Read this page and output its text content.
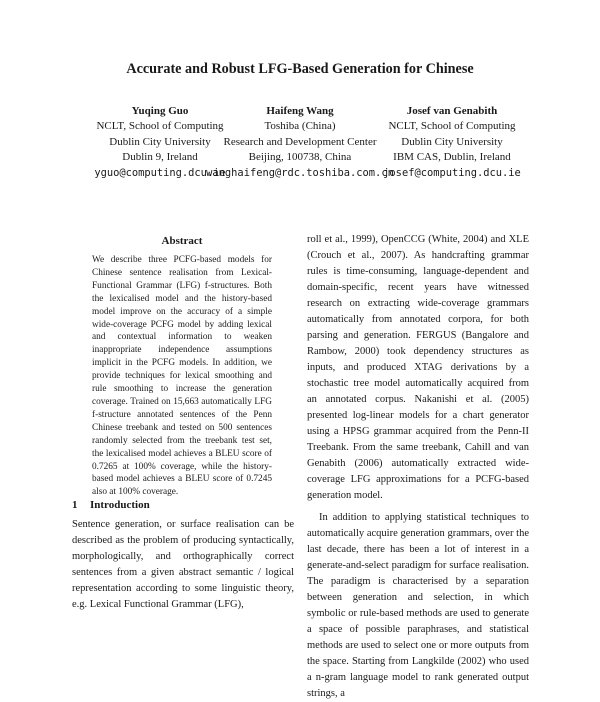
Accurate and Robust LFG-Based Generation for Chinese
Yuqing Guo
NCLT, School of Computing
Dublin City University
Dublin 9, Ireland
yguo@computing.dcu.ie
Haifeng Wang
Toshiba (China)
Research and Development Center
Beijing, 100738, China
wanghaifeng@rdc.toshiba.com.cn
Josef van Genabith
NCLT, School of Computing
Dublin City University
IBM CAS, Dublin, Ireland
josef@computing.dcu.ie
Abstract

We describe three PCFG-based models for Chinese sentence realisation from Lexical-Functional Grammar (LFG) f-structures. Both the lexicalised model and the history-based model improve on the accuracy of a simple wide-coverage PCFG model by adding lexical and contextual information to weaken inappropriate independence assumptions implicit in the PCFG models. In addition, we provide techniques for lexical smoothing and rule smoothing to increase the generation coverage. Trained on 15,663 automatically LFG f-structure annotated sentences of the Penn Chinese treebank and tested on 500 sentences randomly selected from the treebank test set, the lexicalised model achieves a BLEU score of 0.7265 at 100% coverage, while the history-based model achieves a BLEU score of 0.7245 also at 100% coverage.

1 Introduction

Sentence generation, or surface realisation can be described as the problem of producing syntactically, morphologically, and orthographically correct sentences from a given abstract semantic / logical representation according to some linguistic theory, e.g. Lexical Functional Grammar (LFG),

roll et al., 1999), OpenCCG (White, 2004) and XLE (Crouch et al., 2007). As handcrafting grammar rules is time-consuming, language-dependent and domain-specific, recent years have witnessed research on extracting wide-coverage grammars automatically from annotated corpora, for both parsing and generation. FERGUS (Bangalore and Rambow, 2000) took dependency structures as inputs, and produced XTAG derivations by a stochastic tree model automatically acquired from an annotated corpus. Nakanishi et al. (2005) presented log-linear models for a chart generator using a HPSG grammar acquired from the Penn-II Treebank. From the same treebank, Cahill and van Genabith (2006) automatically extracted wide-coverage LFG approximations for a PCFG-based generation model.

In addition to applying statistical techniques to automatically acquire generation grammars, over the last decade, there has been a lot of interest in a generate-and-select paradigm for surface realisation. The paradigm is characterised by a separation between generation and selection, in which symbolic or rule-based methods are used to generate a space of possible paraphrases, and statistical methods are used to select one or more outputs from the space. Starting from Langkilde (2002) who used a n-gram language model to rank generated output strings, a
